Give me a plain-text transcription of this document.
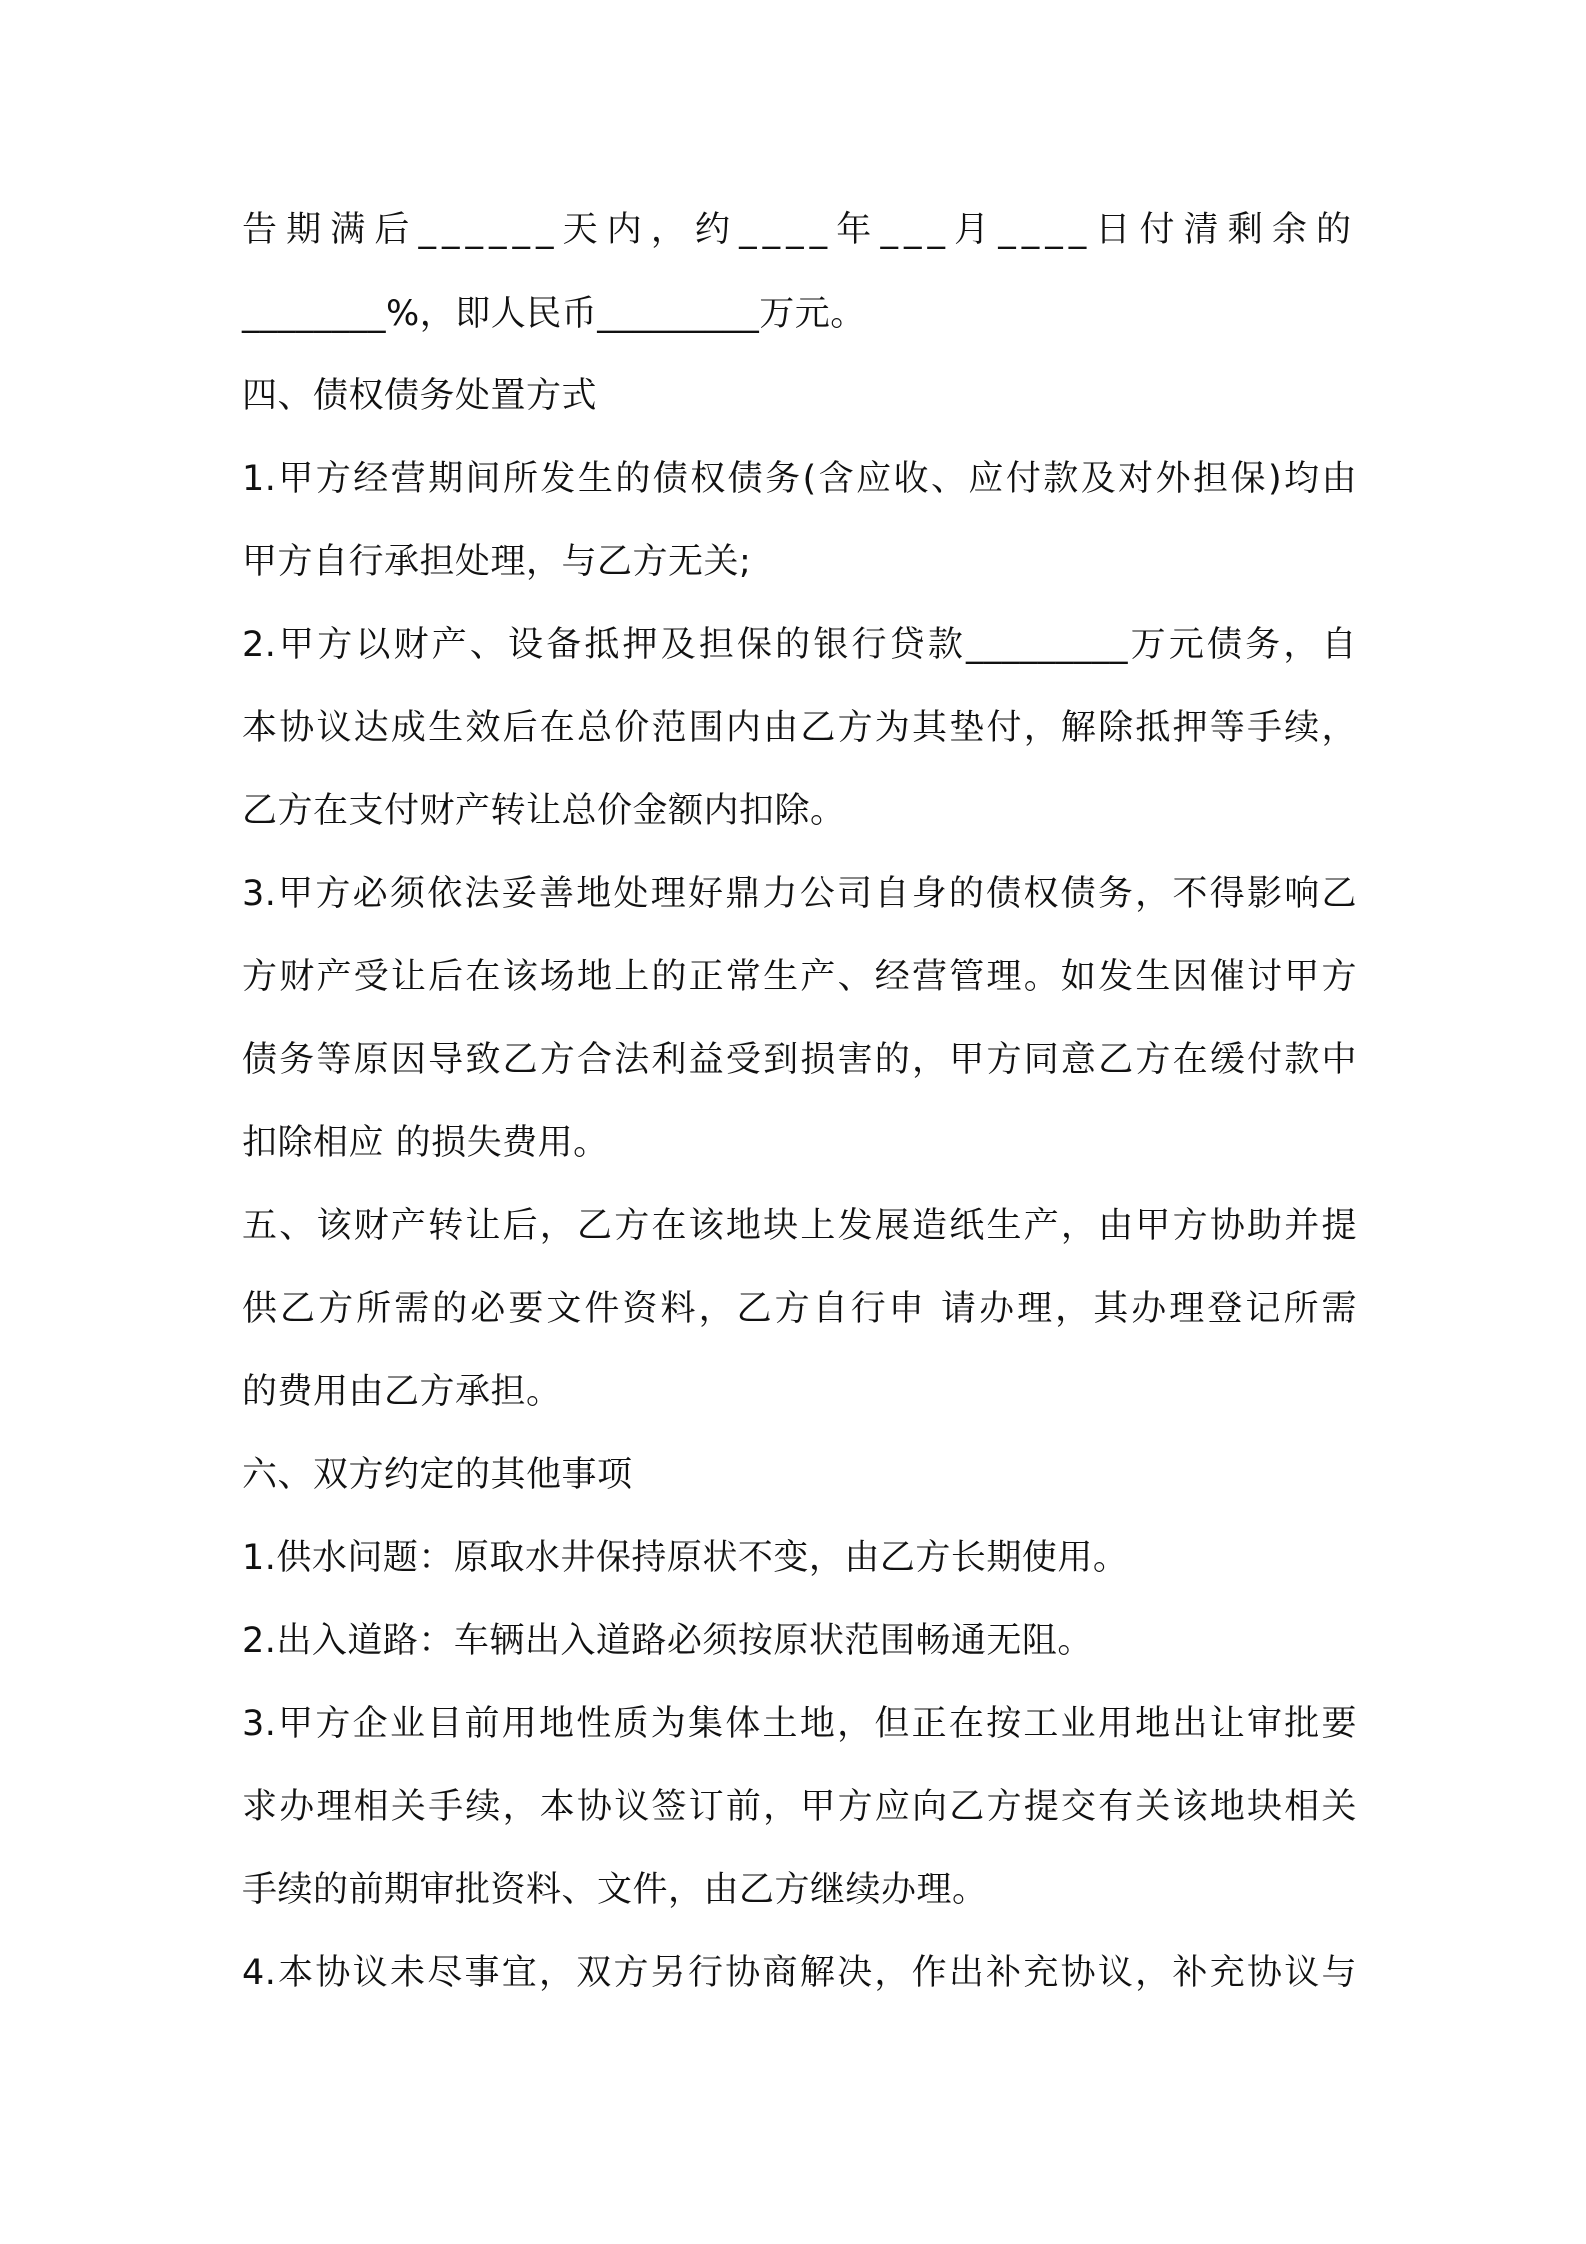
告期满后______天内，约____年___月____日付清剩余的

________%，即人民币_________万元。

四、债权债务处置方式

1.甲方经营期间所发生的债权债务(含应收、应付款及对外担保)均由

甲方自行承担处理，与乙方无关;

2.甲方以财产、设备抵押及担保的银行贷款_________万元债务，自

本协议达成生效后在总价范围内由乙方为其垫付，解除抵押等手续，

乙方在支付财产转让总价金额内扣除。

3.甲方必须依法妥善地处理好鼎力公司自身的债权债务，不得影响乙

方财产受让后在该场地上的正常生产、经营管理。如发生因催讨甲方

债务等原因导致乙方合法利益受到损害的，甲方同意乙方在缓付款中

扣除相应 的损失费用。

五、该财产转让后，乙方在该地块上发展造纸生产，由甲方协助并提

供乙方所需的必要文件资料，乙方自行申 请办理，其办理登记所需

的费用由乙方承担。

六、双方约定的其他事项

1.供水问题：原取水井保持原状不变，由乙方长期使用。

2.出入道路：车辆出入道路必须按原状范围畅通无阻。

3.甲方企业目前用地性质为集体土地，但正在按工业用地出让审批要

求办理相关手续，本协议签订前，甲方应向乙方提交有关该地块相关

手续的前期审批资料、文件，由乙方继续办理。

4.本协议未尽事宜，双方另行协商解决，作出补充协议，补充协议与
